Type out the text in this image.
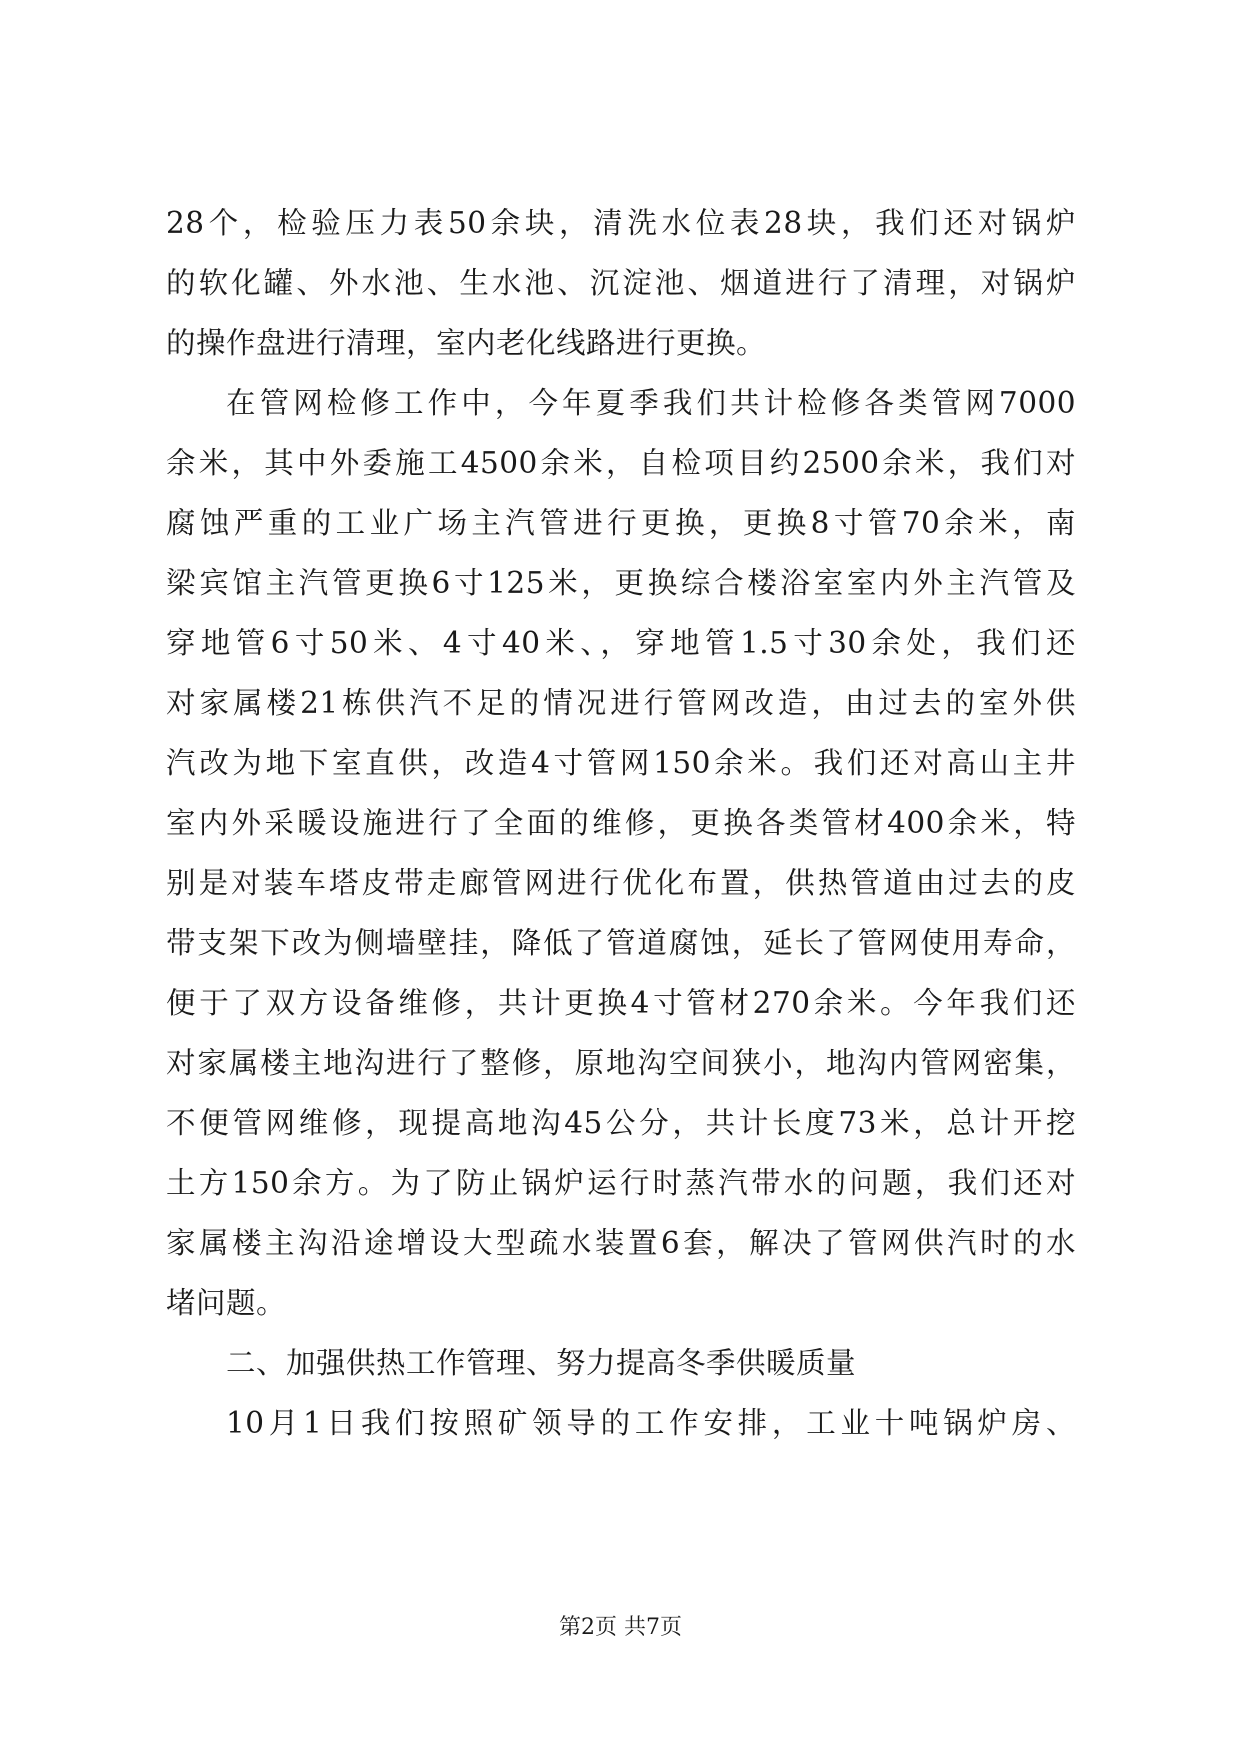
28个，检验压力表50余块，清洗水位表28块，我们还对锅炉
的软化罐、外水池、生水池、沉淀池、烟道进行了清理，对锅炉
的操作盘进行清理，室内老化线路进行更换。
在管网检修工作中，今年夏季我们共计检修各类管网7000
余米，其中外委施工4500余米，自检项目约2500余米，我们对
腐蚀严重的工业广场主汽管进行更换，更换8寸管70余米，南
梁宾馆主汽管更换6寸125米，更换综合楼浴室室内外主汽管及
穿地管6寸50米、4寸40米、，穿地管1.5寸30余处，我们还
对家属楼21栋供汽不足的情况进行管网改造，由过去的室外供
汽改为地下室直供，改造4寸管网150余米。我们还对高山主井
室内外采暖设施进行了全面的维修，更换各类管材400余米，特
别是对装车塔皮带走廊管网进行优化布置，供热管道由过去的皮
带支架下改为侧墙壁挂，降低了管道腐蚀，延长了管网使用寿命，
便于了双方设备维修，共计更换4寸管材270余米。今年我们还
对家属楼主地沟进行了整修，原地沟空间狭小，地沟内管网密集，
不便管网维修，现提高地沟45公分，共计长度73米，总计开挖
土方150余方。为了防止锅炉运行时蒸汽带水的问题，我们还对
家属楼主沟沿途增设大型疏水装置6套，解决了管网供汽时的水
堵问题。
二、加强供热工作管理、努力提高冬季供暖质量
10月1日我们按照矿领导的工作安排，工业十吨锅炉房、
第2页 共7页
